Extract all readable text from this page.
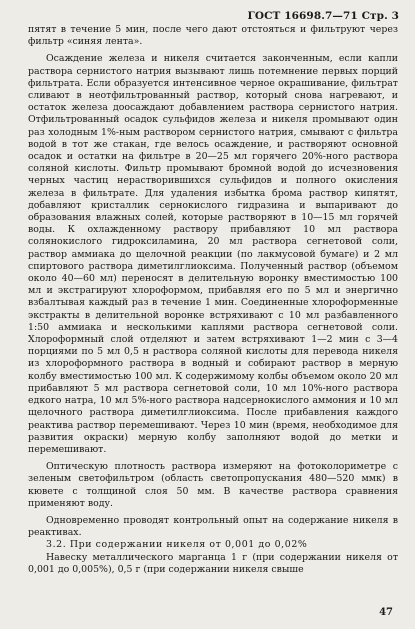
ГОСТ 16698.7—71 Стр. 3

пятят в течение 5 мин, после чего дают отстояться и фильтруют через фильтр «синяя лента».

Осаждение железа и никеля считается законченным, если капли раствора сернистого натрия вызывают лишь потемнение первых порций фильтрата. Если образуется интенсивное черное окрашивание, фильтрат сливают в неотфильтрованный раствор, который снова нагревают, и остаток железа доосаждают добавлением раствора сернистого натрия. Отфильтрованный осадок сульфидов железа и никеля промывают один раз холодным 1%-ным раствором сернистого натрия, смывают с фильтра водой в тот же стакан, где велось осаждение, и растворяют основной осадок и остатки на фильтре в 20—25 мл горячего 20%-ного раствора соляной кислоты. Фильтр промывают бромной водой до исчезновения черных частиц нерастворившихся сульфидов и полного окисления железа в фильтрате. Для удаления избытка брома раствор кипятят, добавляют кристаллик сернокислого гидразина и выпаривают до образования влажных солей, которые растворяют в 10—15 мл горячей воды. К охлажденному раствору прибавляют 10 мл раствора солянокислого гидроксиламина, 20 мл раствора сегнетовой соли, раствор аммиака до щелочной реакции (по лакмусовой бумаге) и 2 мл спиртового раствора диметилглиоксима. Полученный раствор (объемом около 40—60 мл) переносят в делительную воронку вместимостью 100 мл и экстрагируют хлороформом, прибавляя его по 5 мл и энергично взбалтывая каждый раз в течение 1 мин. Соединенные хлороформенные экстракты в делительной воронке встряхивают с 10 мл разбавленного 1:50 аммиака и несколькими каплями раствора сегнетовой соли. Хлороформный слой отделяют и затем встряхивают 1—2 мин с 3—4 порциями по 5 мл 0,5 н раствора соляной кислоты для перевода никеля из хлороформного раствора в водный и собирают раствор в мерную колбу вместимостью 100 мл. К содержимому колбы объемом около 20 мл прибавляют 5 мл раствора сегнетовой соли, 10 мл 10%-ного раствора едкого натра, 10 мл 5%-ного раствора надсернокислого аммония и 10 мл щелочного раствора диметилглиоксима. После прибавления каждого реактива раствор перемешивают. Через 10 мин (время, необходимое для развития окраски) мерную колбу заполняют водой до метки и перемешивают.

Оптическую плотность раствора измеряют на фотоколориметре с зеленым светофильтром (область светопропускания 480—520 ммк) в кювете с толщиной слоя 50 мм. В качестве раствора сравнения применяют воду.

Одновременно проводят контрольный опыт на содержание никеля в реактивах.

3.2. При содержании никеля от 0,001 до 0,02%

Навеску металлического марганца 1 г (при содержании никеля от 0,001 до 0,005%), 0,5 г (при содержании никеля свыше

47
